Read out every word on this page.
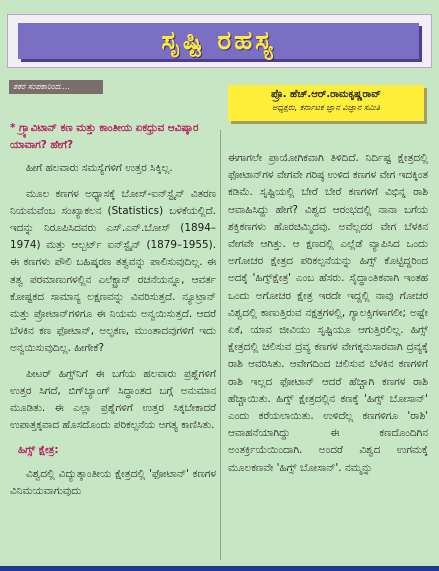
ಸೃಷ್ಟಿ ರಹಸ್ಯ
ತಕರ ಸಂಪಕಾರಿಂದ....
ಪ್ರೊ. ಹೆಚ್.ಆರ್.ರಾಮಕೃಷ್ಣರಾವ್
ಅಧ್ಯಕ್ಷರು, ಕರ್ನಾಟಕ ಜ್ಞಾನ ವಿಜ್ಞಾನ ಸಮಿತಿ

* ಗ್ರ್ಯಾವಿಟಾನ್ ಕಣ ಮತ್ತು ಕಾಂತೀಯ ಏಕಧ್ರುವ ಆವಿಷ್ಕಾರ ಯಾವಾಗ? ಹೇಗೆ?

ಹೀಗೆ ಹಲವಾರು ಸಮಸ್ಯೆಗಳಿಗೆ ಉತ್ತರ ಸಿಕ್ಕಿಲ್ಲ.

ಮೂಲ ಕಣಗಳ ಅಧ್ಯಾಸಕ್ಕೆ ಬೋಸ್-ಐನ್‌ಸ್ಟೈನ್ ವಿತರಣ ನಿಯಮವೆಂಬ ಸಂಖ್ಯಾಕಲನ (Statistics) ಬಳಕೆಯಲ್ಲಿದೆ. ಇದನ್ನು ನಿರೂಪಿಸಿದವರು ಎಸ್.ಎನ್.ಬೋಸ್ (1894–1974) ಮತ್ತು ಆಲ್ಬರ್ಟ್ ಐನ್‌ಸ್ಟೈನ್ (1879–1955). ಈ ಕಣಗಳು ಪೌಲಿ ಬಹಿಷ್ಕರಣ ತತ್ವವನ್ನು ಪಾಲಿಸುವುದಿಲ್ಲ. ಈ ತತ್ವ ಪರಮಾಣುಗಳಲ್ಲಿನ ಎಲೆಕ್ಟ್ರಾನ್ ರಚನೆಯನ್ನೂ, ಆವರ್ತ ಕೋಷ್ಟಕದ ಸಾಮಾನ್ಯ ಲಕ್ಷಣವನ್ನು ವಿವರಿಸುತ್ತದೆ. ನ್ಯೂಟ್ರಾನ್ ಮತ್ತು ಪ್ರೋಟಾನ್‌ಗಳಿಗೂ ಈ ನಿಯಮ ಅನ್ವಯಿಸುತ್ತದೆ. ಆದರೆ ಬೆಳಕಿನ ಕಣ ಫೋಟಾನ್, ಅಲ್ಫಕಣ, ಮುಂತಾದವುಗಳಿಗೆ ಇದು ಅನ್ವಯಿಸುವುದಿಲ್ಲ. ಹೀಗೇಕೆ?

ಪೀಟರ್ ಹಿಗ್ಸ್‌ನಿಗೆ ಈ ಬಗೆಯ ಹಲವಾರು ಪ್ರಶ್ನೆಗಳಿಗೆ ಉತ್ತರ ಸಿಗದೆ, ಬಿಗ್‌ಬ್ಯಾಂಗ್ ಸಿದ್ಧಾಂತದ ಬಗ್ಗೆ ಅನುಮಾನ ಮೂಡಿತು. ಈ ಎಲ್ಲಾ ಪ್ರಶ್ನೆಗಳಿಗೆ ಉತ್ತರ ಸಿಕ್ಕಬೇಕಾದರೆ ಉಪಾತ್ತಕ್ಕವಾದ ಹೊಸದೊಂದು ಪರಿಕಲ್ಪನೆಯ ಅಗತ್ಯ ಕಾಣಿಸಿತು.

ಹಿಗ್ಸ್ ಕ್ಷೇತ್ರ:

ವಿಶ್ವದಲ್ಲಿ ವಿದ್ಯುತ್ಕಾಂತೀಯ ಕ್ಷೇತ್ರದಲ್ಲಿ 'ಫೋಟಾನ್' ಕಣಗಳ ವಿನಿಮಯವಾಗುವುದು

ಈಗಾಗಲೇ ಪ್ರಾಯೋಗಿಕವಾಗಿ ತಿಳಿದಿದೆ. ನಿರ್ದಿಷ್ಟ ಕ್ಷೇತ್ರದಲ್ಲಿ ಫೋಟಾನ್‌ಗಳ ವೇಗವೇ ಗರಿಷ್ಠ ಉಳಿದ ಕಣಗಳ ವೇಗ ಇದಕ್ಕಿಂತ ಕಡಿಮೆ. ಸೃಷ್ಟಿಯಲ್ಲಿ ಬೇರೆ ಬೇರೆ ಕಣಗಳಿಗೆ ವಿಭಿನ್ನ ರಾಶಿ ಆವಾಹಿಸಿದ್ದು ಹೇಗೆ? ವಿಶ್ವದ ಆರಂಭದಲ್ಲಿ ನಾನಾ ಬಗೆಯ ಶಕ್ತಿಕಣಗಳು ಹೊರಚಿಮ್ಮಿದವು. ಅವೆಲ್ಲದರ ವೇಗ ಬೆಳಕಿನ ವೇಗವೇ ಆಗಿತ್ತು. ಆ ಕ್ಷಣದಲ್ಲಿ ಎಲ್ಲೆಡೆ ವ್ಯಾಪಿಸಿದ ಒಂದು ಅಗೋಚರ ಕ್ಷೇತ್ರದ ಪರಿಕಲ್ಪನೆಯನ್ನು ಹಿಗ್ಸ್ ಕೊಟ್ಟಿದ್ದರಿಂದ ಅದಕ್ಕೆ 'ಹಿಗ್ಸ್‌ಕ್ಷೇತ್ರ' ಎಂಬ ಹೆಸರು. ಸೈದ್ಧಾಂತಿಕವಾಗಿ ಇಂತಹ ಒಂದು ಅಗೋಚರ ಕ್ಷೇತ್ರ ಇರದೇ ಇದ್ದಲ್ಲಿ ನಾವು ಗೋಚರ ವಿಶ್ವದಲ್ಲಿ ಕಾಣುತ್ತಿರುವ ನಕ್ಷತ್ರಗಳಲ್ಲಿ, ಗ್ಯಾಲಕ್ಸಿಗಳಾಗಲೀ; ಅಷ್ಟೇ ಏಕೆ, ಯಾವ ಜೀವಿಯು ಸೃಷ್ಟಿಯೂ ಆಗುತ್ತಿರಲಿಲ್ಲ. ಹಿಗ್ಸ್ ಕ್ಷೇತ್ರದಲ್ಲಿ ಚಲಿಸುವ ದ್ರವ್ಯ ಕಣಗಳ ವೇಗಕ್ಕನುಸಾರವಾಗಿ ದ್ರವ್ಯಕ್ಕೆ ರಾಶಿ ಆವರಿಸಿತು. ಆವೇಗದಿಂದ ಚಲಿಸುವ ಬೆಳಕಿನ ಕಣಗಳಿಗೆ ರಾಶಿ ಇಲ್ಲದ ಫೋಟಾನ್ ಆದರೆ ಹೆಚ್ಚಾಗಿ ಕಣಗಳ ರಾಶಿ ಹೆಚ್ಚಾಯಿತು. ಹಿಗ್ಸ್ ಕ್ಷೇತ್ರದಲ್ಲಿನ ಕಣಕ್ಕೆ 'ಹಿಗ್ಸ್ ಬೋಸಾನ್' ಎಂದು ಕರೆಯಲಾಯಿತು. ಉಳಿದೆಲ್ಲ ಕಣಗಳಿಗೂ 'ರಾಶಿ' ಆವಾಹನೆಯಾಗಿದ್ದು ಈ ಕಣದೊಂದಿಗಿನ ಅಂತರ್ಕ್ರಿಯೆಯಿಂದಾಗಿ. ಅಂದರೆ ವಿಶ್ವದ ಉಗಮಕ್ಕೆ ಮೂಲಕಣವೇ 'ಹಿಗ್ಸ್ ಬೋಸಾನ್'. ನಮ್ಮನ್ನು
